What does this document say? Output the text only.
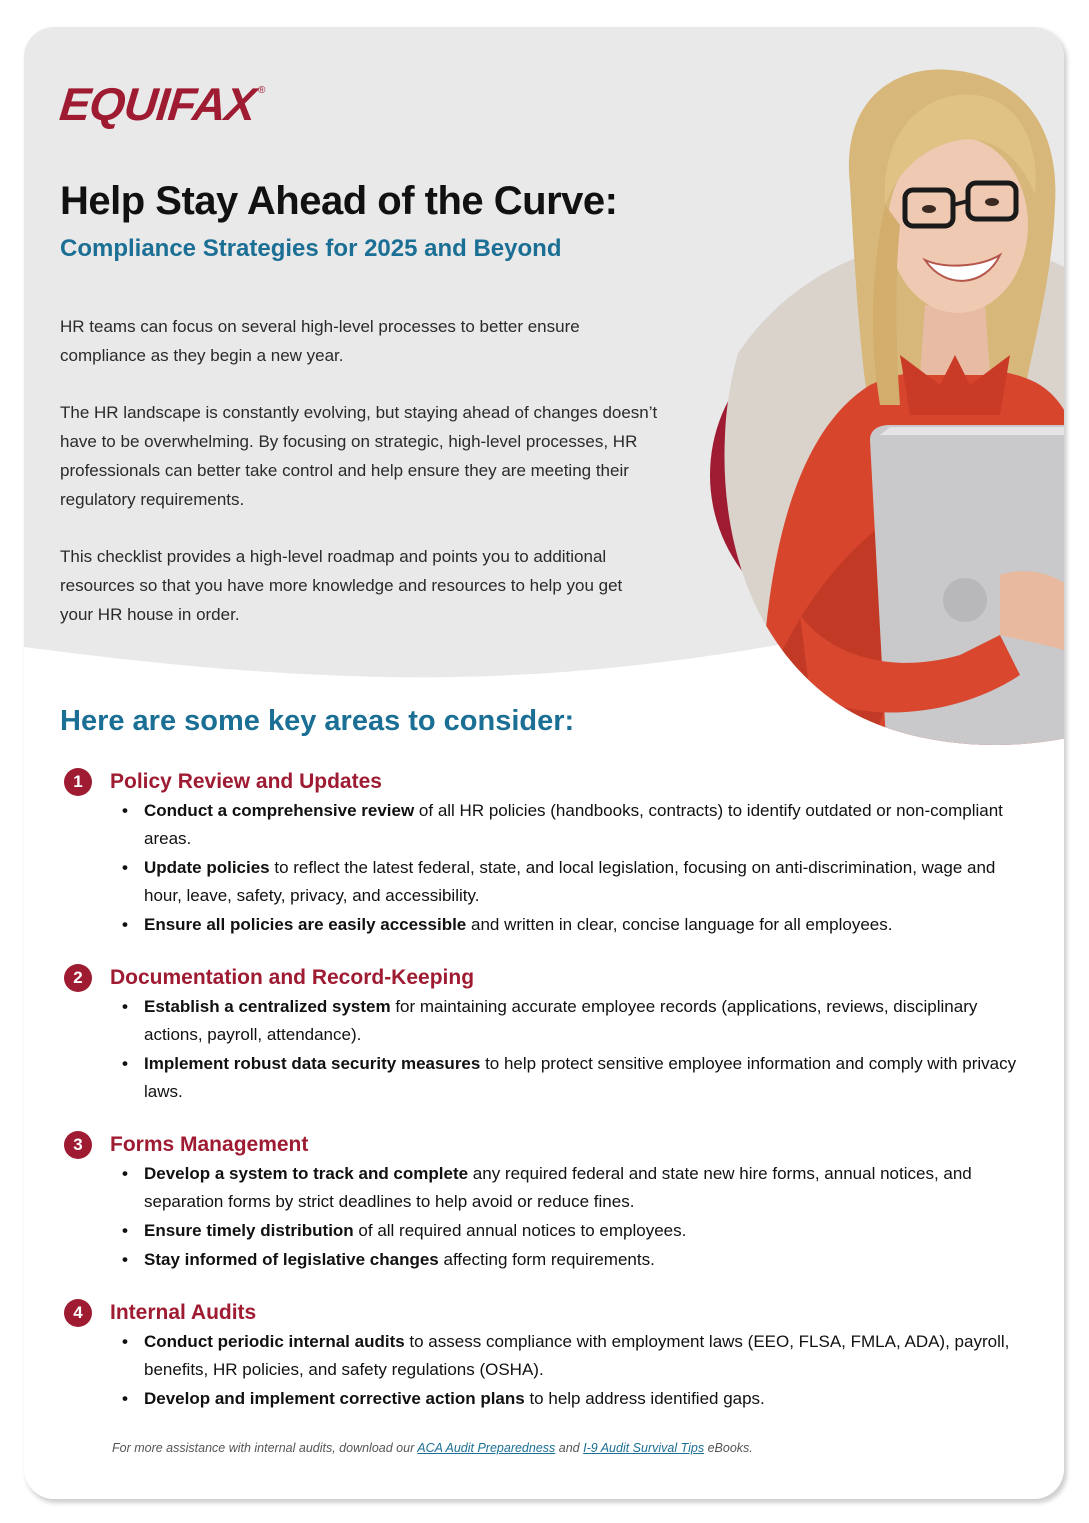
EQUIFAX ®
Help Stay Ahead of the Curve:
Compliance Strategies for 2025 and Beyond

HR teams can focus on several high-level processes to better ensure compliance as they begin a new year.

The HR landscape is constantly evolving, but staying ahead of changes doesn’t have to be overwhelming. By focusing on strategic, high-level processes, HR professionals can better take control and help ensure they are meeting their regulatory requirements.

This checklist provides a high-level roadmap and points you to additional resources so that you have more knowledge and resources to help you get your HR house in order.

Here are some key areas to consider:
1	Policy Review and Updates
• Conduct a comprehensive review of all HR policies (handbooks, contracts) to identify outdated or non-compliant areas.
• Update policies to reflect the latest federal, state, and local legislation, focusing on anti-discrimination, wage and hour, leave, safety, privacy, and accessibility.
• Ensure all policies are easily accessible and written in clear, concise language for all employees.
2	Documentation and Record-Keeping
• Establish a centralized system for maintaining accurate employee records (applications, reviews, disciplinary actions, payroll, attendance).
• Implement robust data security measures to help protect sensitive employee information and comply with privacy laws.
3	Forms Management
• Develop a system to track and complete any required federal and state new hire forms, annual notices, and separation forms by strict deadlines to help avoid or reduce fines.
• Ensure timely distribution of all required annual notices to employees.
• Stay informed of legislative changes affecting form requirements.
4	Internal Audits
• Conduct periodic internal audits to assess compliance with employment laws (EEO, FLSA, FMLA, ADA), payroll, benefits, HR policies, and safety regulations (OSHA).
• Develop and implement corrective action plans to help address identified gaps.
For more assistance with internal audits, download our ACA Audit Preparedness and I-9 Audit Survival Tips eBooks.
